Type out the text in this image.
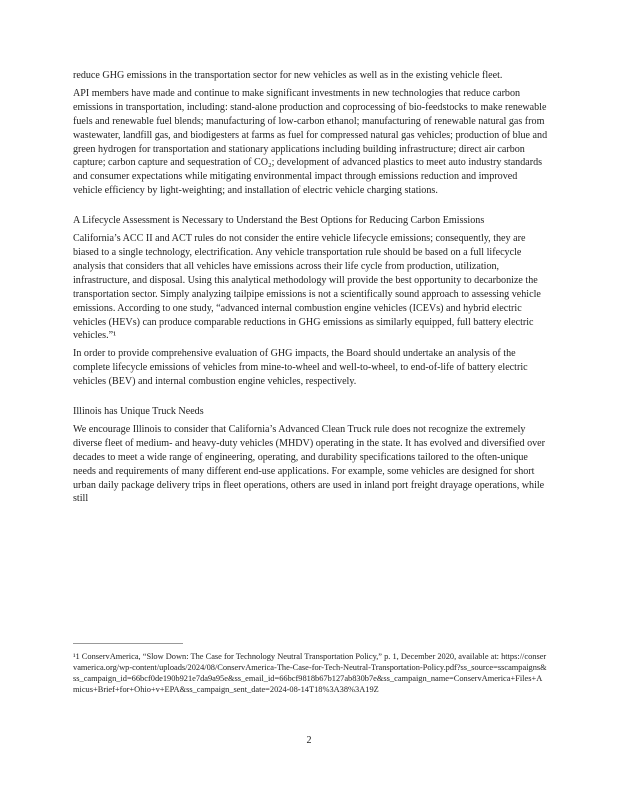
reduce GHG emissions in the transportation sector for new vehicles as well as in the existing vehicle fleet.

API members have made and continue to make significant investments in new technologies that reduce carbon emissions in transportation, including: stand-alone production and coprocessing of bio-feedstocks to make renewable fuels and renewable fuel blends; manufacturing of low-carbon ethanol; manufacturing of renewable natural gas from wastewater, landfill gas, and biodigesters at farms as fuel for compressed natural gas vehicles; production of blue and green hydrogen for transportation and stationary applications including building infrastructure; direct air carbon capture; carbon capture and sequestration of CO₂; development of advanced plastics to meet auto industry standards and consumer expectations while mitigating environmental impact through emissions reduction and improved vehicle efficiency by light-weighting; and installation of electric vehicle charging stations.

A Lifecycle Assessment is Necessary to Understand the Best Options for Reducing Carbon Emissions

California’s ACC II and ACT rules do not consider the entire vehicle lifecycle emissions; consequently, they are biased to a single technology, electrification. Any vehicle transportation rule should be based on a full lifecycle analysis that considers that all vehicles have emissions across their life cycle from production, utilization, infrastructure, and disposal. Using this analytical methodology will provide the best opportunity to decarbonize the transportation sector. Simply analyzing tailpipe emissions is not a scientifically sound approach to assessing vehicle emissions. According to one study, “advanced internal combustion engine vehicles (ICEVs) and hybrid electric vehicles (HEVs) can produce comparable reductions in GHG emissions as similarly equipped, full battery electric vehicles.”¹

In order to provide comprehensive evaluation of GHG impacts, the Board should undertake an analysis of the complete lifecycle emissions of vehicles from mine-to-wheel and well-to-wheel, to end-of-life of battery electric vehicles (BEV) and internal combustion engine vehicles, respectively.

Illinois has Unique Truck Needs

We encourage Illinois to consider that California’s Advanced Clean Truck rule does not recognize the extremely diverse fleet of medium- and heavy-duty vehicles (MHDV) operating in the state. It has evolved and diversified over decades to meet a wide range of engineering, operating, and durability specifications tailored to the often-unique needs and requirements of many different end-use applications. For example, some vehicles are designed for short urban daily package delivery trips in fleet operations, others are used in inland port freight drayage operations, while still

¹1 ConservAmerica, “Slow Down: The Case for Technology Neutral Transportation Policy,” p. 1, December 2020, available at: https://conservamerica.org/wp-content/uploads/2024/08/ConservAmerica-The-Case-for-Tech-Neutral-Transportation-Policy.pdf?ss_source=sscampaigns&ss_campaign_id=66bcf0de190b921e7da9a95e&ss_email_id=66bcf9818b67b127ab830b7e&ss_campaign_name=ConservAmerica+Files+Amicus+Brief+for+Ohio+v+EPA&ss_campaign_sent_date=2024-08-14T18%3A38%3A19Z

2
